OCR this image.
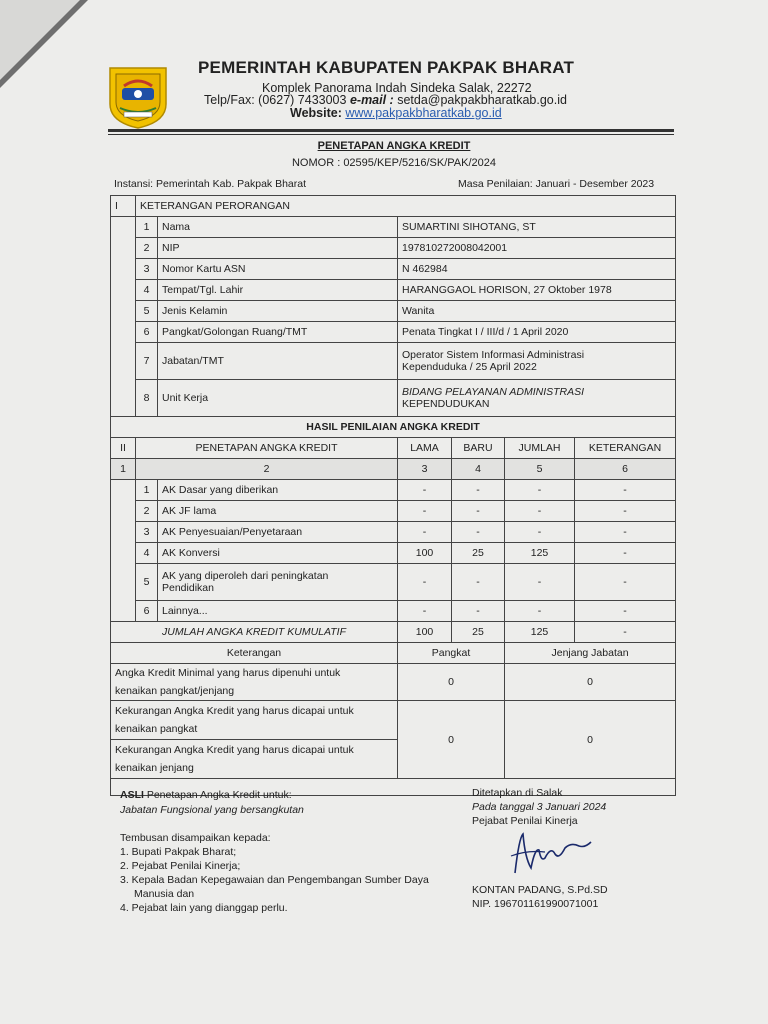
PEMERINTAH KABUPATEN PAKPAK BHARAT
Komplek Panorama Indah Sindeka Salak, 22272
Telp/Fax: (0627) 7433003 e-mail : setda@pakpakbharatkab.go.id
Website: www.pakpakbharatkab.go.id
PENETAPAN ANGKA KREDIT
NOMOR : 02595/KEP/5216/SK/PAK/2024
Instansi: Pemerintah Kab. Pakpak Bharat	Masa Penilaian: Januari - Desember 2023
I	KETERANGAN PERORANGAN					
	1	Nama	SUMARTINI SIHOTANG, ST			
	2	NIP	197810272008042001			
	3	Nomor Kartu ASN	N 462984			
	4	Tempat/Tgl. Lahir	HARANGGAOL HORISON, 27 Oktober 1978			
	5	Jenis Kelamin	Wanita			
	6	Pangkat/Golongan Ruang/TMT	Penata Tingkat I / III/d / 1 April 2020			
	7	Jabatan/TMT	Operator Sistem Informasi Administrasi
Kependuduka / 25 April 2022			

	8	Unit Kerja	BIDANG PELAYANAN ADMINISTRASI
KEPENDUDUKAN			

HASIL PENILAIAN ANGKA KREDIT						
II	PENETAPAN ANGKA KREDIT		LAMA	BARU	JUMLAH	KETERANGAN
1	2		3	4	5	6
	1	AK Dasar yang diberikan	-	-	-	-
	2	AK JF lama	-	-	-	-
	3	AK Penyesuaian/Penyetaraan	-	-	-	-
	4	AK Konversi	100	25	125	-
	5	AK yang diperoleh dari peningkatan
Pendidikan	-	-	-	-
	6	Lainnya...	-	-	-	-
JUMLAH ANGKA KREDIT KUMULATIF			100	25	125	-
Keterangan			Pangkat		Jenjang Jabatan	

Angka Kredit Minimal yang harus dipenuhi untuk
kenaikan pangkat/jenjang			0		0	

Kekurangan Angka Kredit yang harus dicapai untuk
kenaikan pangkat			0		0	

Kekurangan Angka Kredit yang harus dicapai untuk
kenaikan jenjang						

ASLI Penetapan Angka Kredit untuk:
Jabatan Fungsional yang bersangkutan
Tembusan disampaikan kepada:
1. Bupati Pakpak Bharat;
2. Pejabat Penilai Kinerja;
3. Kepala Badan Kepegawaian dan Pengembangan Sumber Daya
Manusia dan
4. Pejabat lain yang dianggap perlu.
Ditetapkan di Salak
Pada tanggal 3 Januari 2024
Pejabat Penilai Kinerja
KONTAN PADANG, S.Pd.SD
NIP. 196701161990071001
